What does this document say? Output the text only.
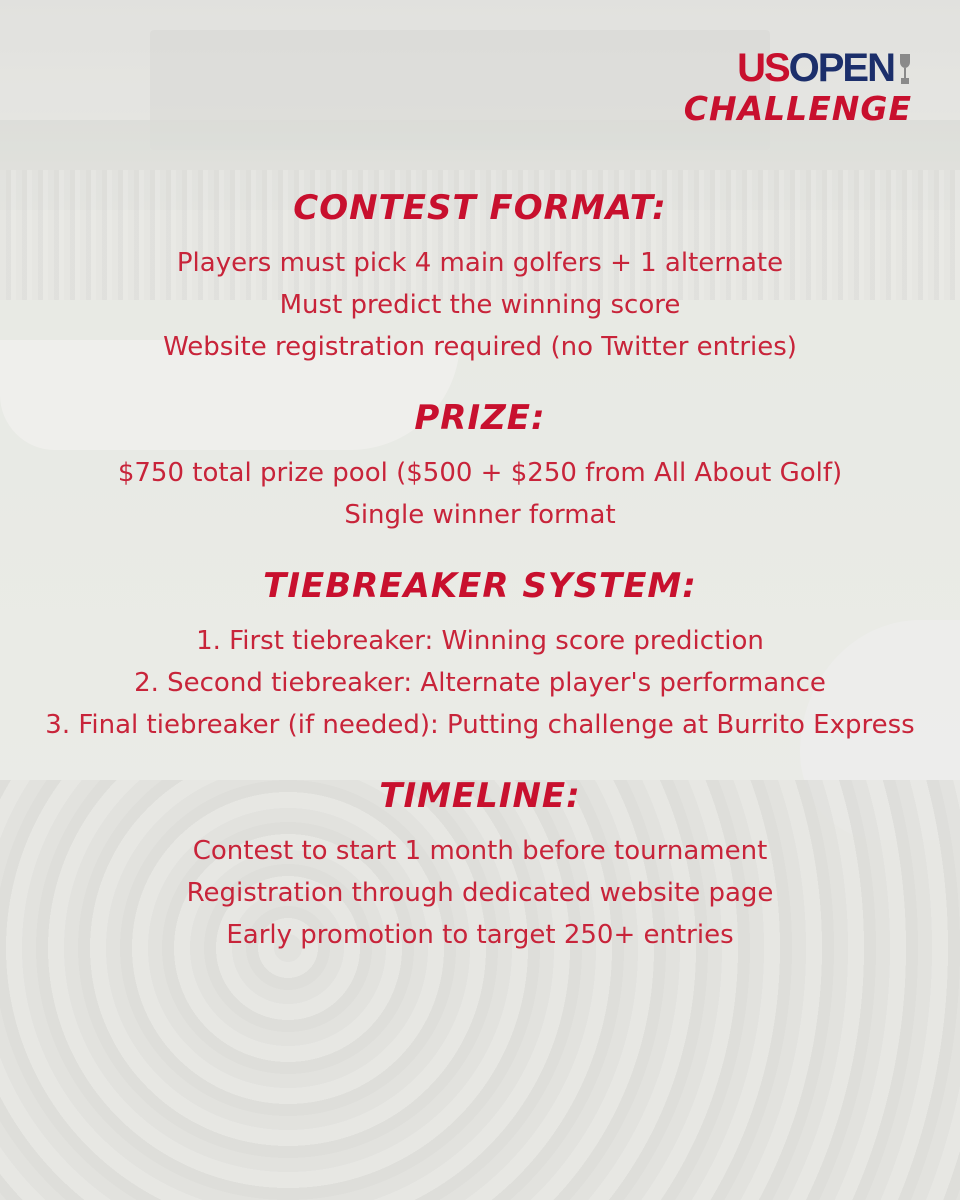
US OPEN
CHALLENGE
CONTEST FORMAT:

Players must pick 4 main golfers + 1 alternate

Must predict the winning score

Website registration required (no Twitter entries)

PRIZE:

$750 total prize pool ($500 + $250 from All About Golf)

Single winner format

TIEBREAKER SYSTEM:

1. First tiebreaker: Winning score prediction

2. Second tiebreaker: Alternate player's performance

3. Final tiebreaker (if needed): Putting challenge at Burrito Express

TIMELINE:

Contest to start 1 month before tournament

Registration through dedicated website page

Early promotion to target 250+ entries
